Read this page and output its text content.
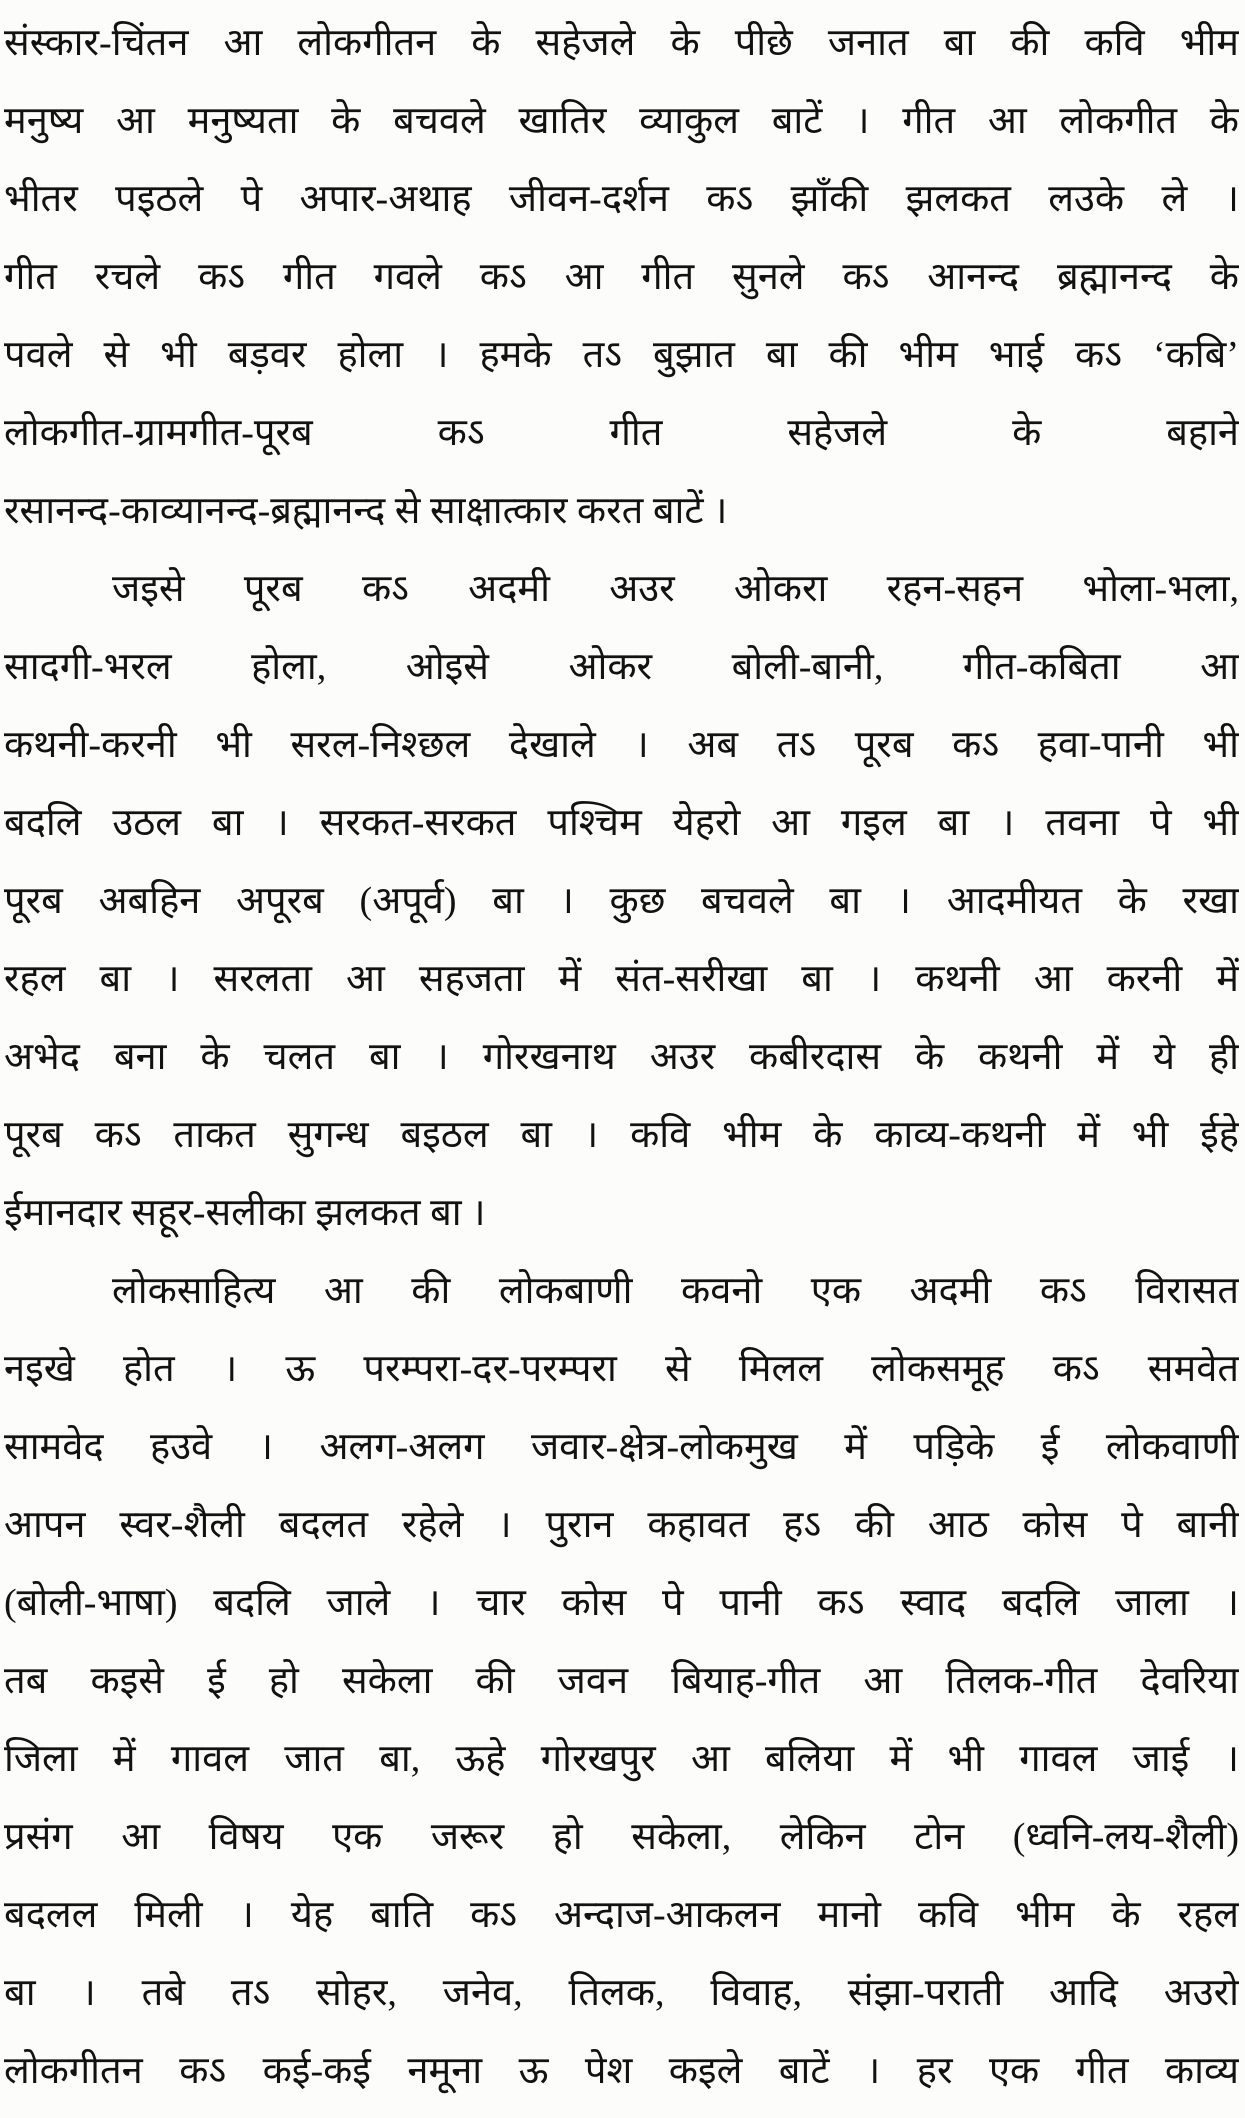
संस्कार-चिंतन आ लोकगीतन के सहेजले के पीछे जनात बा की कवि भीम
मनुष्य आ मनुष्यता के बचवले खातिर व्याकुल बाटें । गीत आ लोकगीत के
भीतर पइठले पे अपार-अथाह जीवन-दर्शन कऽ झाँकी झलकत लउके ले ।
गीत रचले कऽ गीत गवले कऽ आ गीत सुनले कऽ आनन्द ब्रह्मानन्द के
पवले से भी बड़वर होला । हमके तऽ बुझात बा की भीम भाई कऽ ‘कबि’
लोकगीत-ग्रामगीत-पूरब कऽ गीत सहेजले के बहाने
रसानन्द-काव्यानन्द-ब्रह्मानन्द से साक्षात्कार करत बाटें ।
जइसे पूरब कऽ अदमी अउर ओकरा रहन-सहन भोला-भला,
सादगी-भरल होला, ओइसे ओकर बोली-बानी, गीत-कबिता आ
कथनी-करनी भी सरल-निश्छल देखाले । अब तऽ पूरब कऽ हवा-पानी भी
बदलि उठल बा । सरकत-सरकत पश्चिम येहरो आ गइल बा । तवना पे भी
पूरब अबहिन अपूरब (अपूर्व) बा । कुछ बचवले बा । आदमीयत के रखा
रहल बा । सरलता आ सहजता में संत-सरीखा बा । कथनी आ करनी में
अभेद बना के चलत बा । गोरखनाथ अउर कबीरदास के कथनी में ये ही
पूरब कऽ ताकत सुगन्ध बइठल बा । कवि भीम के काव्य-कथनी में भी ईहे
ईमानदार सहूर-सलीका झलकत बा ।
लोकसाहित्य आ की लोकबाणी कवनो एक अदमी कऽ विरासत
नइखे होत । ऊ परम्परा-दर-परम्परा से मिलल लोकसमूह कऽ समवेत
सामवेद हउवे । अलग-अलग जवार-क्षेत्र-लोकमुख में पड़िके ई लोकवाणी
आपन स्वर-शैली बदलत रहेले । पुरान कहावत हऽ की आठ कोस पे बानी
(बोली-भाषा) बदलि जाले । चार कोस पे पानी कऽ स्वाद बदलि जाला ।
तब कइसे ई हो सकेला की जवन बियाह-गीत आ तिलक-गीत देवरिया
जिला में गावल जात बा, ऊहे गोरखपुर आ बलिया में भी गावल जाई ।
प्रसंग आ विषय एक जरूर हो सकेला, लेकिन टोन (ध्वनि-लय-शैली)
बदलल मिली । येह बाति कऽ अन्दाज-आकलन मानो कवि भीम के रहल
बा । तबे तऽ सोहर, जनेव, तिलक, विवाह, संझा-पराती आदि अउरो
लोकगीतन कऽ कई-कई नमूना ऊ पेश कइले बाटें । हर एक गीत काव्य
